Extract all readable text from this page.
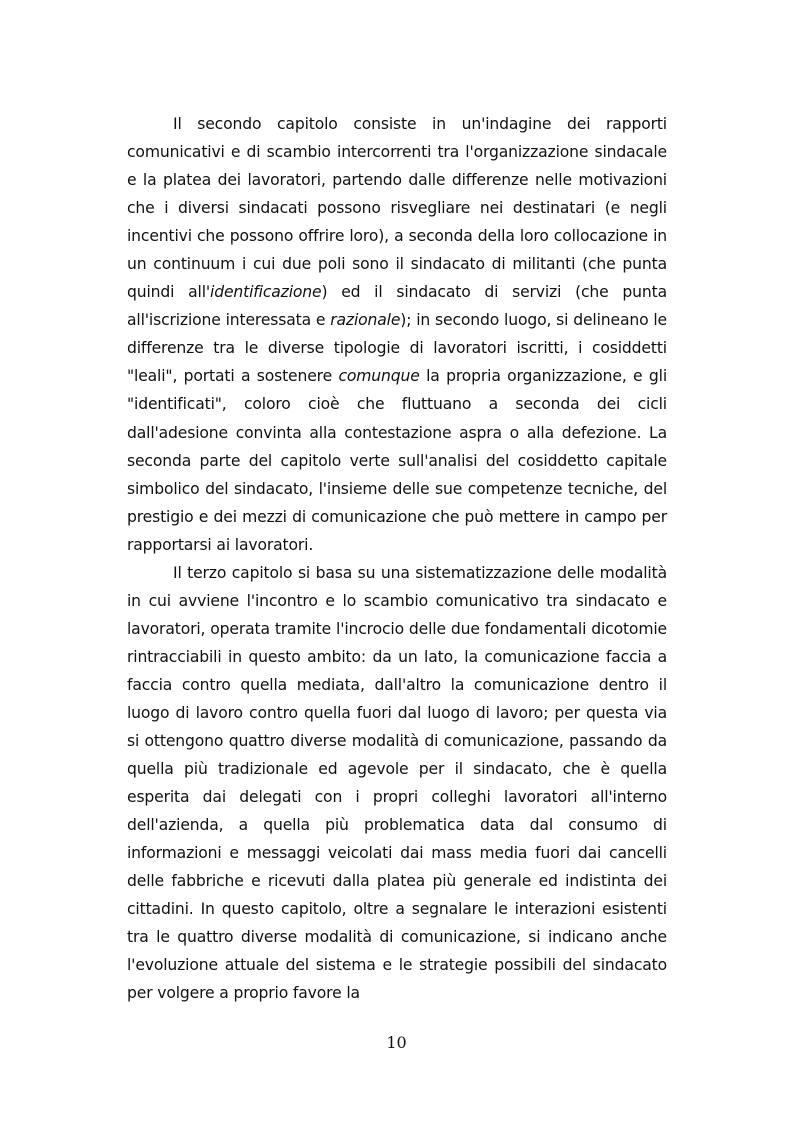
Il secondo capitolo consiste in un'indagine dei rapporti comunicativi e di scambio intercorrenti tra l'organizzazione sindacale e la platea dei lavoratori, partendo dalle differenze nelle motivazioni che i diversi sindacati possono risvegliare nei destinatari (e negli incentivi che possono offrire loro), a seconda della loro collocazione in un continuum i cui due poli sono il sindacato di militanti (che punta quindi all'identificazione) ed il sindacato di servizi (che punta all'iscrizione interessata e razionale); in secondo luogo, si delineano le differenze tra le diverse tipologie di lavoratori iscritti, i cosiddetti "leali", portati a sostenere comunque la propria organizzazione, e gli "identificati", coloro cioè che fluttuano a seconda dei cicli dall'adesione convinta alla contestazione aspra o alla defezione. La seconda parte del capitolo verte sull'analisi del cosiddetto capitale simbolico del sindacato, l'insieme delle sue competenze tecniche, del prestigio e dei mezzi di comunicazione che può mettere in campo per rapportarsi ai lavoratori.

Il terzo capitolo si basa su una sistematizzazione delle modalità in cui avviene l'incontro e lo scambio comunicativo tra sindacato e lavoratori, operata tramite l'incrocio delle due fondamentali dicotomie rintracciabili in questo ambito: da un lato, la comunicazione faccia a faccia contro quella mediata, dall'altro la comunicazione dentro il luogo di lavoro contro quella fuori dal luogo di lavoro; per questa via si ottengono quattro diverse modalità di comunicazione, passando da quella più tradizionale ed agevole per il sindacato, che è quella esperita dai delegati con i propri colleghi lavoratori all'interno dell'azienda, a quella più problematica data dal consumo di informazioni e messaggi veicolati dai mass media fuori dai cancelli delle fabbriche e ricevuti dalla platea più generale ed indistinta dei cittadini. In questo capitolo, oltre a segnalare le interazioni esistenti tra le quattro diverse modalità di comunicazione, si indicano anche l'evoluzione attuale del sistema e le strategie possibili del sindacato per volgere a proprio favore la

10
